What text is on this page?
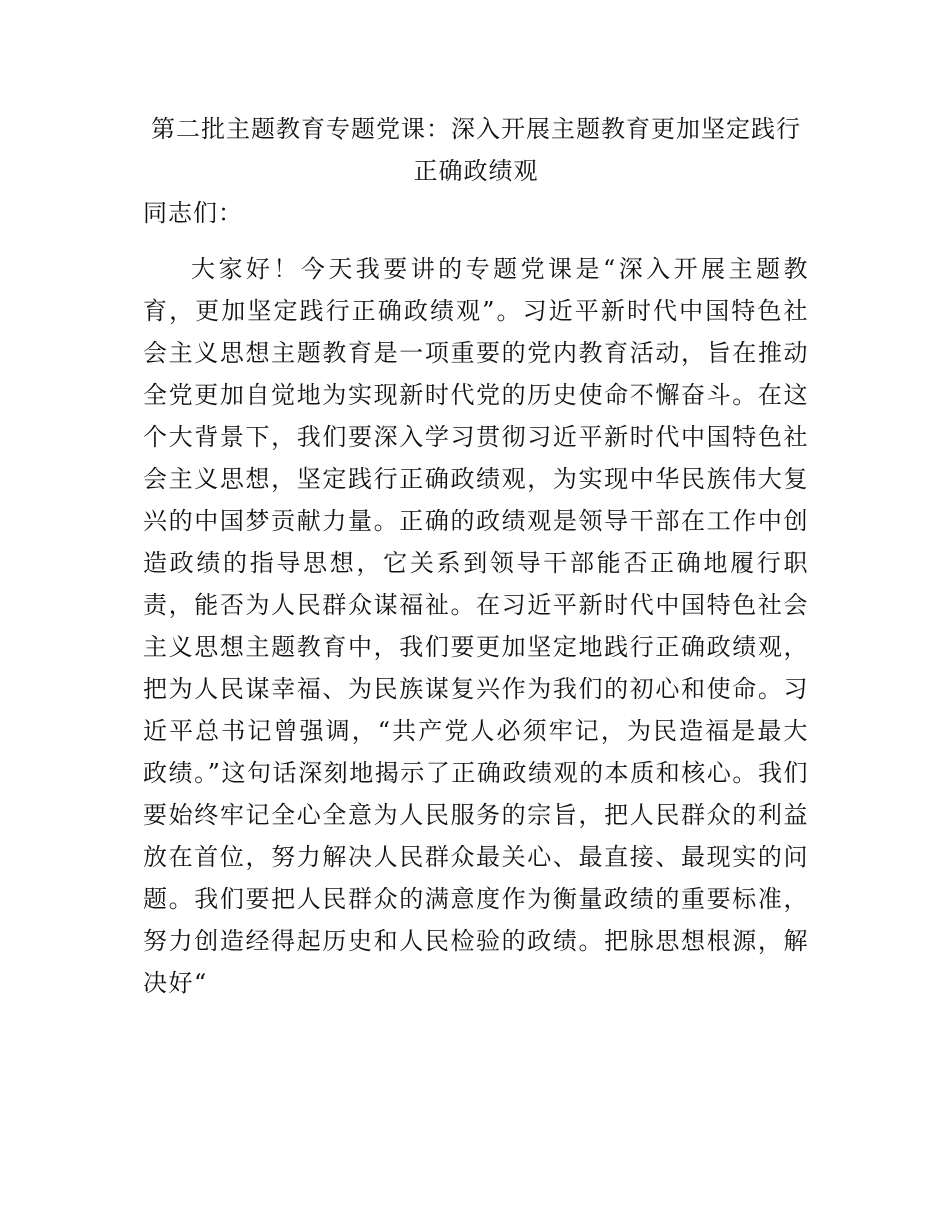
第二批主题教育专题党课：深入开展主题教育更加坚定践行正确政绩观

同志们：

大家好！今天我要讲的专题党课是“深入开展主题教育，更加坚定践行正确政绩观”。习近平新时代中国特色社会主义思想主题教育是一项重要的党内教育活动，旨在推动全党更加自觉地为实现新时代党的历史使命不懈奋斗。在这个大背景下，我们要深入学习贯彻习近平新时代中国特色社会主义思想，坚定践行正确政绩观，为实现中华民族伟大复兴的中国梦贡献力量。正确的政绩观是领导干部在工作中创造政绩的指导思想，它关系到领导干部能否正确地履行职责，能否为人民群众谋福祉。在习近平新时代中国特色社会主义思想主题教育中，我们要更加坚定地践行正确政绩观，把为人民谋幸福、为民族谋复兴作为我们的初心和使命。习近平总书记曾强调，“共产党人必须牢记，为民造福是最大政绩。”这句话深刻地揭示了正确政绩观的本质和核心。我们要始终牢记全心全意为人民服务的宗旨，把人民群众的利益放在首位，努力解决人民群众最关心、最直接、最现实的问题。我们要把人民群众的满意度作为衡量政绩的重要标准，努力创造经得起历史和人民检验的政绩。把脉思想根源，解决好“
